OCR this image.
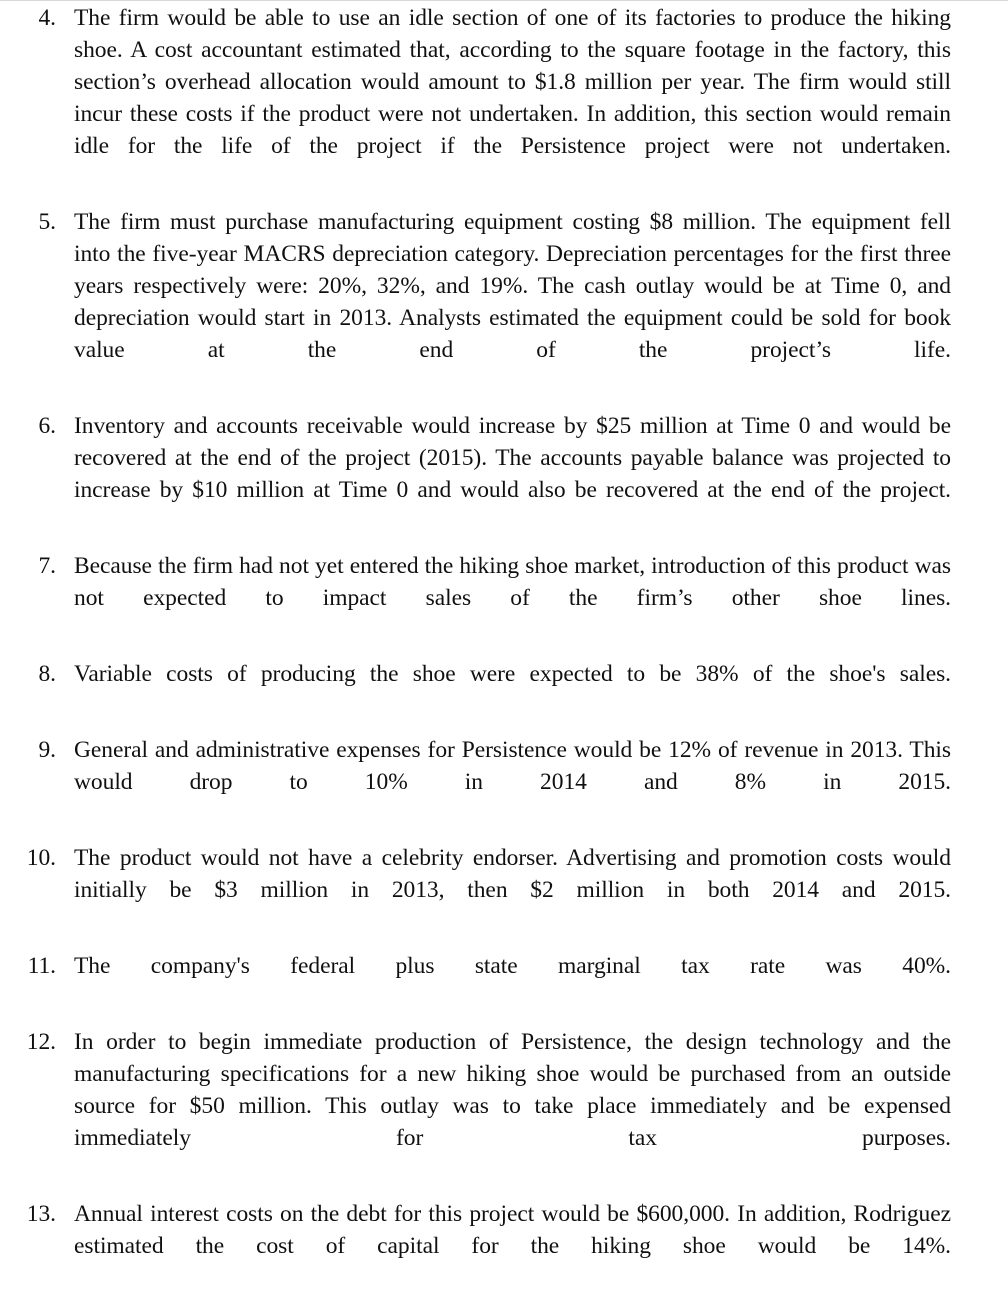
4. The firm would be able to use an idle section of one of its factories to produce the hiking shoe. A cost accountant estimated that, according to the square footage in the factory, this section’s overhead allocation would amount to $1.8 million per year. The firm would still incur these costs if the product were not undertaken. In addition, this section would remain idle for the life of the project if the Persistence project were not undertaken.
5. The firm must purchase manufacturing equipment costing $8 million. The equipment fell into the five-year MACRS depreciation category. Depreciation percentages for the first three years respectively were: 20%, 32%, and 19%. The cash outlay would be at Time 0, and depreciation would start in 2013. Analysts estimated the equipment could be sold for book value at the end of the project’s life.
6. Inventory and accounts receivable would increase by $25 million at Time 0 and would be recovered at the end of the project (2015). The accounts payable balance was projected to increase by $10 million at Time 0 and would also be recovered at the end of the project.
7. Because the firm had not yet entered the hiking shoe market, introduction of this product was not expected to impact sales of the firm’s other shoe lines.
8. Variable costs of producing the shoe were expected to be 38% of the shoe's sales.
9. General and administrative expenses for Persistence would be 12% of revenue in 2013. This would drop to 10% in 2014 and 8% in 2015.
10. The product would not have a celebrity endorser. Advertising and promotion costs would initially be $3 million in 2013, then $2 million in both 2014 and 2015.
11. The company's federal plus state marginal tax rate was 40%.
12. In order to begin immediate production of Persistence, the design technology and the manufacturing specifications for a new hiking shoe would be purchased from an outside source for $50 million. This outlay was to take place immediately and be expensed immediately for tax purposes.
13. Annual interest costs on the debt for this project would be $600,000. In addition, Rodriguez estimated the cost of capital for the hiking shoe would be 14%.
